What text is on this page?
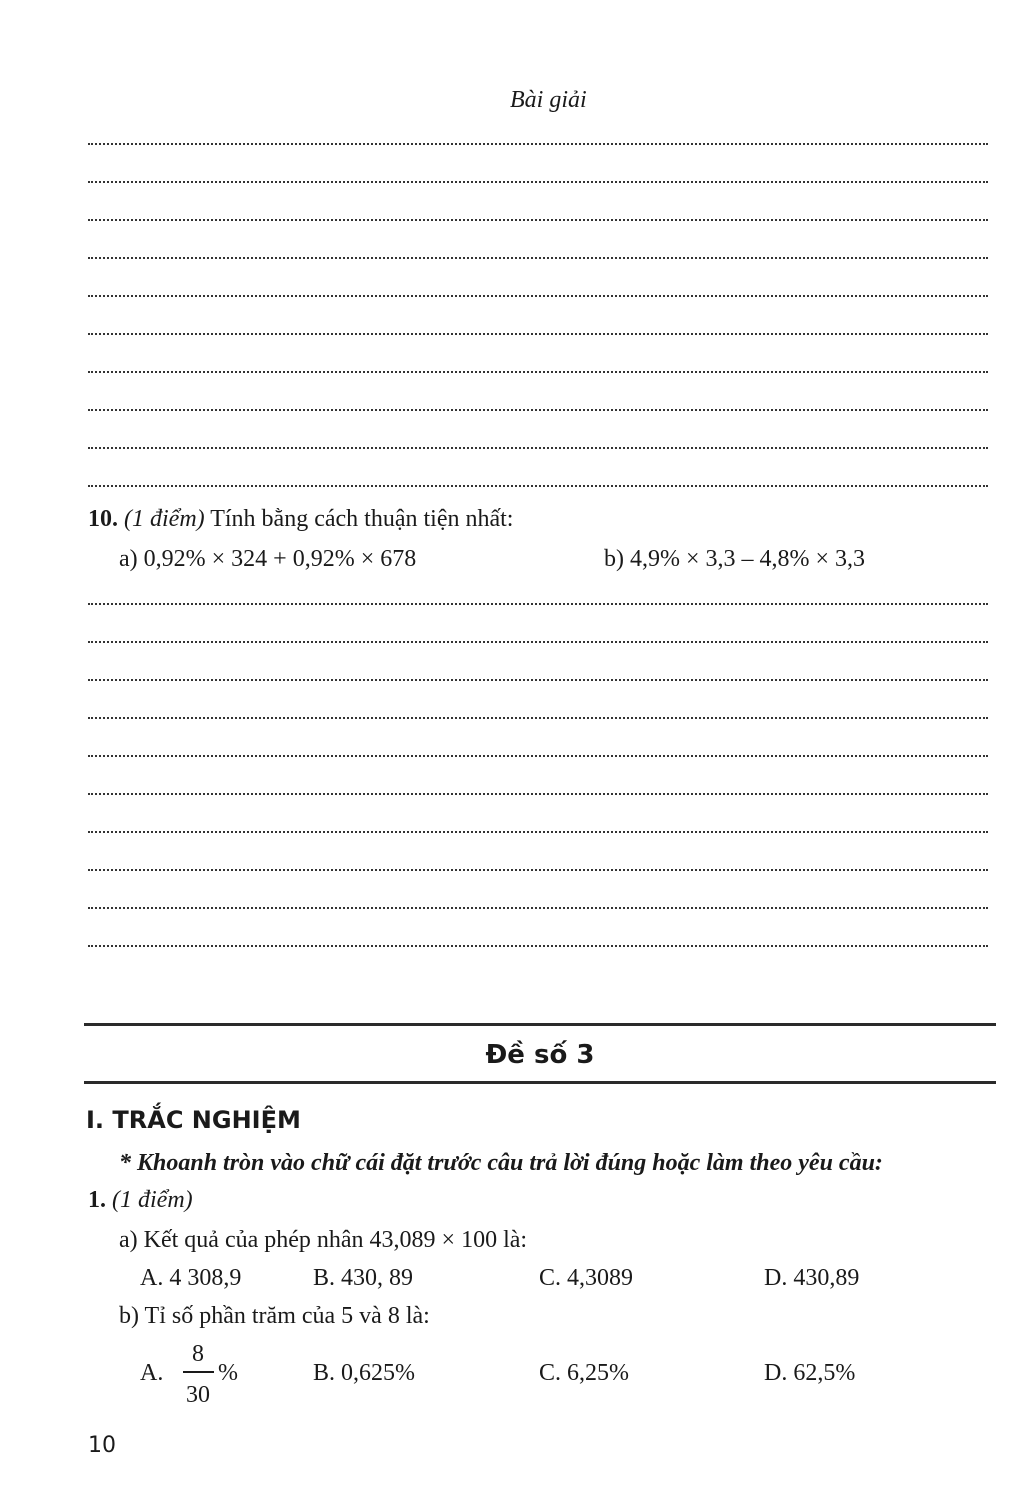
Bài giải
10. (1 điểm) Tính bằng cách thuận tiện nhất:
a) 0,92% × 324 + 0,92% × 678	b) 4,9% × 3,3 – 4,8% × 3,3
Đề số 3
I. TRẮC NGHIỆM
* Khoanh tròn vào chữ cái đặt trước câu trả lời đúng hoặc làm theo yêu cầu:
1. (1 điểm)
a) Kết quả của phép nhân 43,089 × 100 là:
A. 4 308,9	B. 430, 89	C. 4,3089	D. 430,89
b) Tỉ số phần trăm của 5 và 8 là:
A.
8
30
%	B. 0,625%	C. 6,25%	D. 62,5%
10
